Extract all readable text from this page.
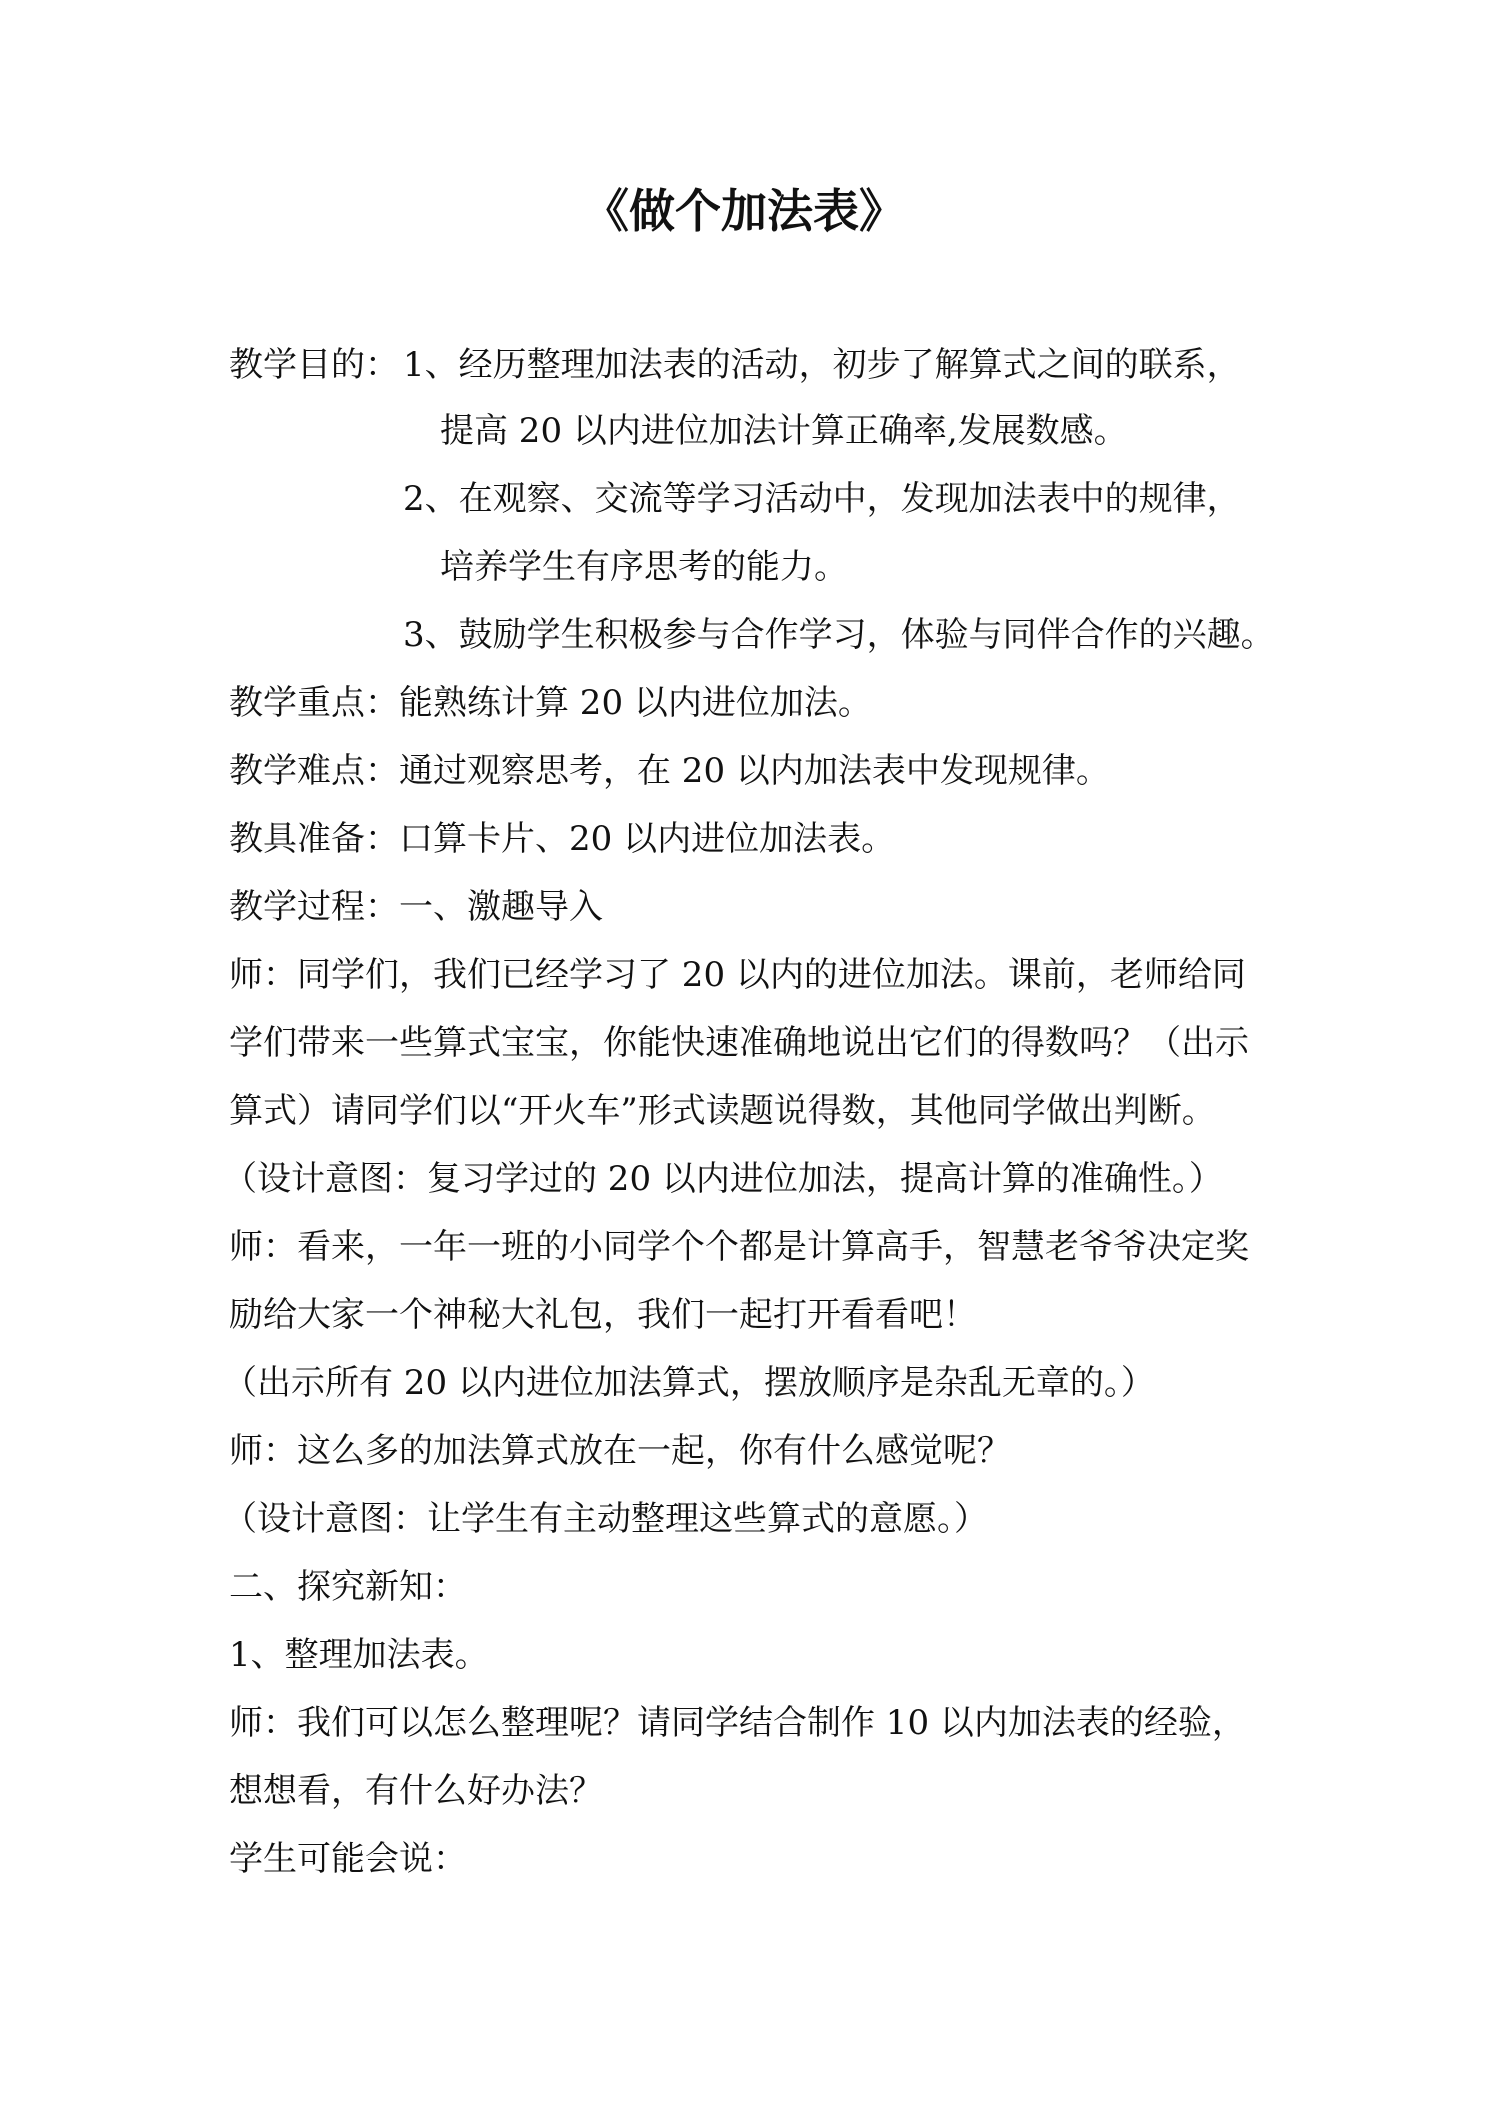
《做个加法表》
教学目的： 1、经历整理加法表的活动，初步了解算式之间的联系，
提高 20 以内进位加法计算正确率,发展数感。
2、在观察、交流等学习活动中，发现加法表中的规律，
培养学生有序思考的能力。
3、鼓励学生积极参与合作学习，体验与同伴合作的兴趣。
教学重点：能熟练计算 20 以内进位加法。
教学难点：通过观察思考，在 20 以内加法表中发现规律。
教具准备：口算卡片、20 以内进位加法表。
教学过程：一、激趣导入
师：同学们，我们已经学习了 20 以内的进位加法。课前，老师给同
学们带来一些算式宝宝，你能快速准确地说出它们的得数吗？（出示
算式）请同学们以“开火车”形式读题说得数，其他同学做出判断。
（设计意图：复习学过的 20 以内进位加法，提高计算的准确性。）
师：看来，一年一班的小同学个个都是计算高手，智慧老爷爷决定奖
励给大家一个神秘大礼包，我们一起打开看看吧！
（出示所有 20 以内进位加法算式，摆放顺序是杂乱无章的。）
师：这么多的加法算式放在一起，你有什么感觉呢？
（设计意图：让学生有主动整理这些算式的意愿。）
二、探究新知：
1、整理加法表。
师：我们可以怎么整理呢？请同学结合制作 10 以内加法表的经验，
想想看，有什么好办法？
学生可能会说：
